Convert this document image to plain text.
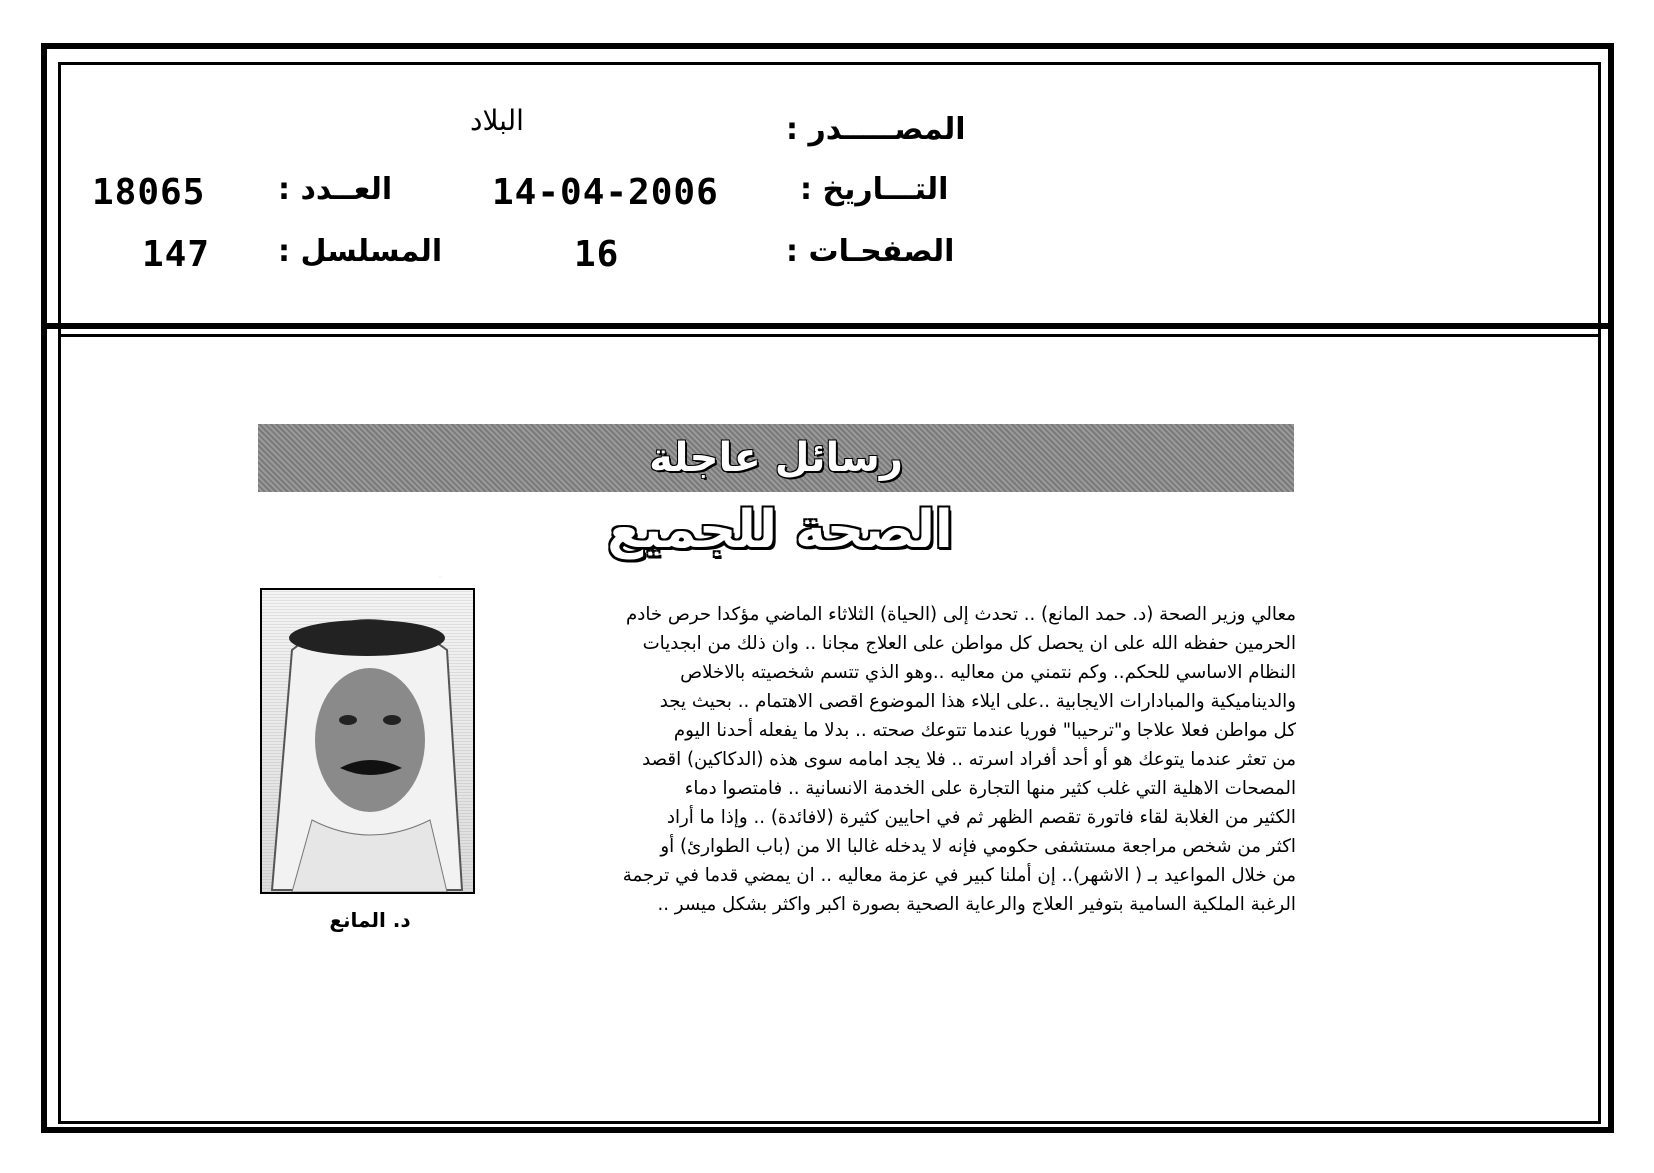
المصـــــدر :
البلاد
التـــاريخ :
14-04-2006
الصفحـات :
16
العــدد :
18065
المسلسل :
147
رسائل عاجلة
الصحة للجميع
د. المانع
معالي وزير الصحة (د. حمد المانع) .. تحدث إلى (الحياة) الثلاثاء الماضي مؤكدا حرص خادم
الحرمين حفظه الله على ان يحصل كل مواطن على العلاج مجانا .. وان ذلك من ابجديات
النظام الاساسي للحكم.. وكم نتمني من معاليه ..وهو الذي تتسم شخصيته بالاخلاص
والديناميكية والمبادارات الايجابية ..على ايلاء هذا الموضوع اقصى الاهتمام .. بحيث يجد
كل مواطن فعلا علاجا و"ترحيبا" فوريا عندما تتوعك صحته .. بدلا ما يفعله أحدنا اليوم
من تعثر عندما يتوعك هو أو أحد أفراد اسرته .. فلا يجد امامه سوى هذه (الدكاكين) اقصد
المصحات الاهلية التي غلب كثير منها التجارة على الخدمة الانسانية .. فامتصوا دماء
الكثير من الغلابة لقاء فاتورة تقصم الظهر ثم في احايين كثيرة (لافائدة) .. وإذا ما أراد
اكثر من شخص مراجعة مستشفى حكومي فإنه لا يدخله غالبا الا من (باب الطوارئ) أو
من خلال المواعيد بـ ( الاشهر).. إن أملنا كبير في عزمة معاليه .. ان يمضي قدما في ترجمة
الرغبة الملكية السامية بتوفير العلاج والرعاية الصحية بصورة اكبر واكثر بشكل ميسر ..
